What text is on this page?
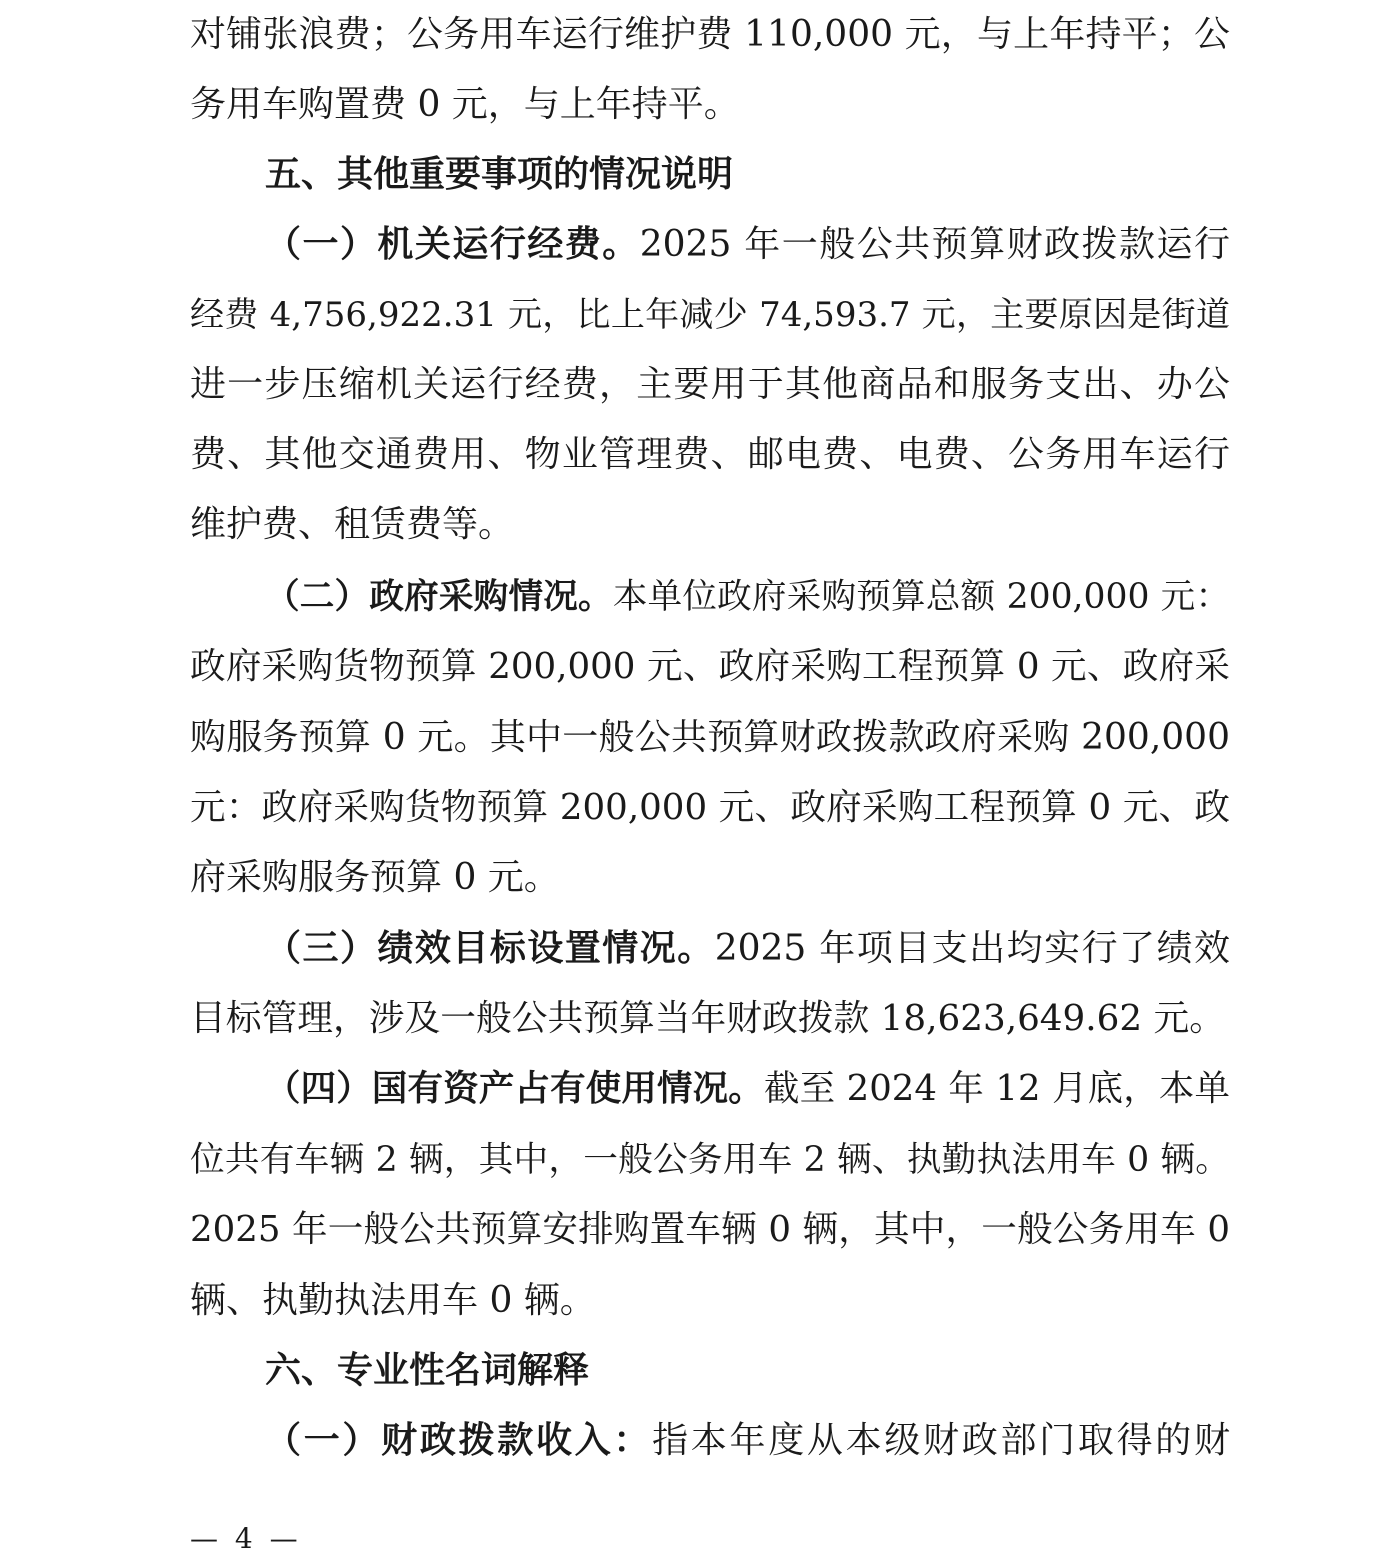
对铺张浪费；公务用车运行维护费 110,000 元，与上年持平；公
务用车购置费 0 元，与上年持平。
五、其他重要事项的情况说明
（一）机关运行经费。2025 年一般公共预算财政拨款运行
经费 4,756,922.31 元，比上年减少 74,593.7 元，主要原因是街道
进一步压缩机关运行经费，主要用于其他商品和服务支出、办公
费、其他交通费用、物业管理费、邮电费、电费、公务用车运行
维护费、租赁费等。
（二）政府采购情况。本单位政府采购预算总额 200,000 元：
政府采购货物预算 200,000 元、政府采购工程预算 0 元、政府采
购服务预算 0 元。其中一般公共预算财政拨款政府采购 200,000
元：政府采购货物预算 200,000 元、政府采购工程预算 0 元、政
府采购服务预算 0 元。
（三）绩效目标设置情况。2025 年项目支出均实行了绩效
目标管理，涉及一般公共预算当年财政拨款 18,623,649.62 元。
（四）国有资产占有使用情况。截至 2024 年 12 月底，本单
位共有车辆 2 辆，其中，一般公务用车 2 辆、执勤执法用车 0 辆。
2025 年一般公共预算安排购置车辆 0 辆，其中，一般公务用车 0
辆、执勤执法用车 0 辆。
六、专业性名词解释
（一）财政拨款收入：指本年度从本级财政部门取得的财
— 4 —
